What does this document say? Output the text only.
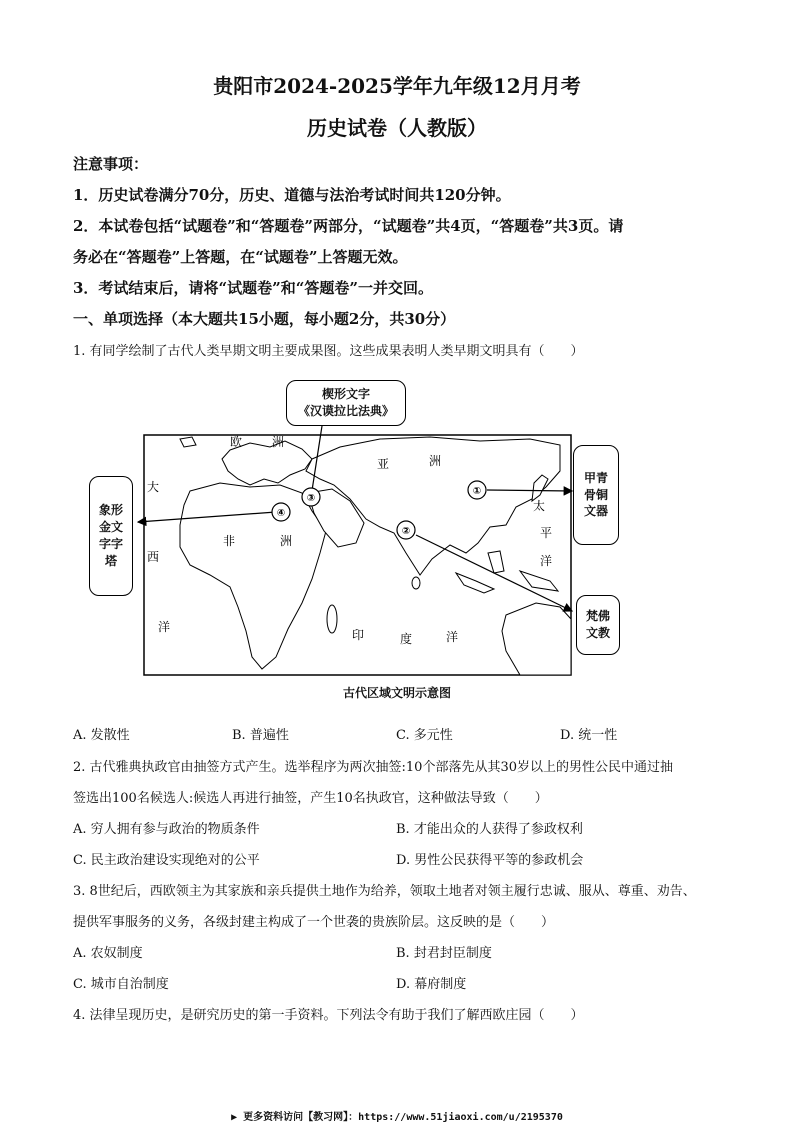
贵阳市2024-2025学年九年级12月月考
历史试卷（人教版）
注意事项：
1．历史试卷满分70分，历史、道德与法治考试时间共120分钟。
2．本试卷包括“试题卷”和“答题卷”两部分，“试题卷”共4页，“答题卷”共3页。请
务必在“答题卷”上答题，在“试题卷”上答题无效。
3．考试结束后，请将“试题卷”和“答题卷”一并交回。
一、单项选择（本大题共15小题，每小题2分，共30分）
1. 有同学绘制了古代人类早期文明主要成果图。这些成果表明人类早期文明具有（　　）
欧 洲
亚	洲
非	洲
大
西
洋
太
平
洋
印	度	洋
①
②
③
④
楔形文字
《汉谟拉比法典》
象形金文字字塔
甲青骨铜文器
梵佛文教
古代区域文明示意图
A. 发散性	B. 普遍性	C. 多元性	D. 统一性
2. 古代雅典执政官由抽签方式产生。选举程序为两次抽签:10个部落先从其30岁以上的男性公民中通过抽
签选出100名候选人:候选人再进行抽签，产生10名执政官，这种做法导致（　　）
A. 穷人拥有参与政治的物质条件	B. 才能出众的人获得了参政权利
C. 民主政治建设实现绝对的公平	D. 男性公民获得平等的参政机会
3. 8世纪后，西欧领主为其家族和亲兵提供土地作为给养，领取土地者对领主履行忠诚、服从、尊重、劝告、
提供军事服务的义务，各级封建主构成了一个世袭的贵族阶层。这反映的是（　　）
A. 农奴制度	B. 封君封臣制度
C. 城市自治制度	D. 幕府制度
4. 法律呈现历史，是研究历史的第一手资料。下列法令有助于我们了解西欧庄园（　　）
▶ 更多资料访问【教习网】：https://www.51jiaoxi.com/u/2195370
